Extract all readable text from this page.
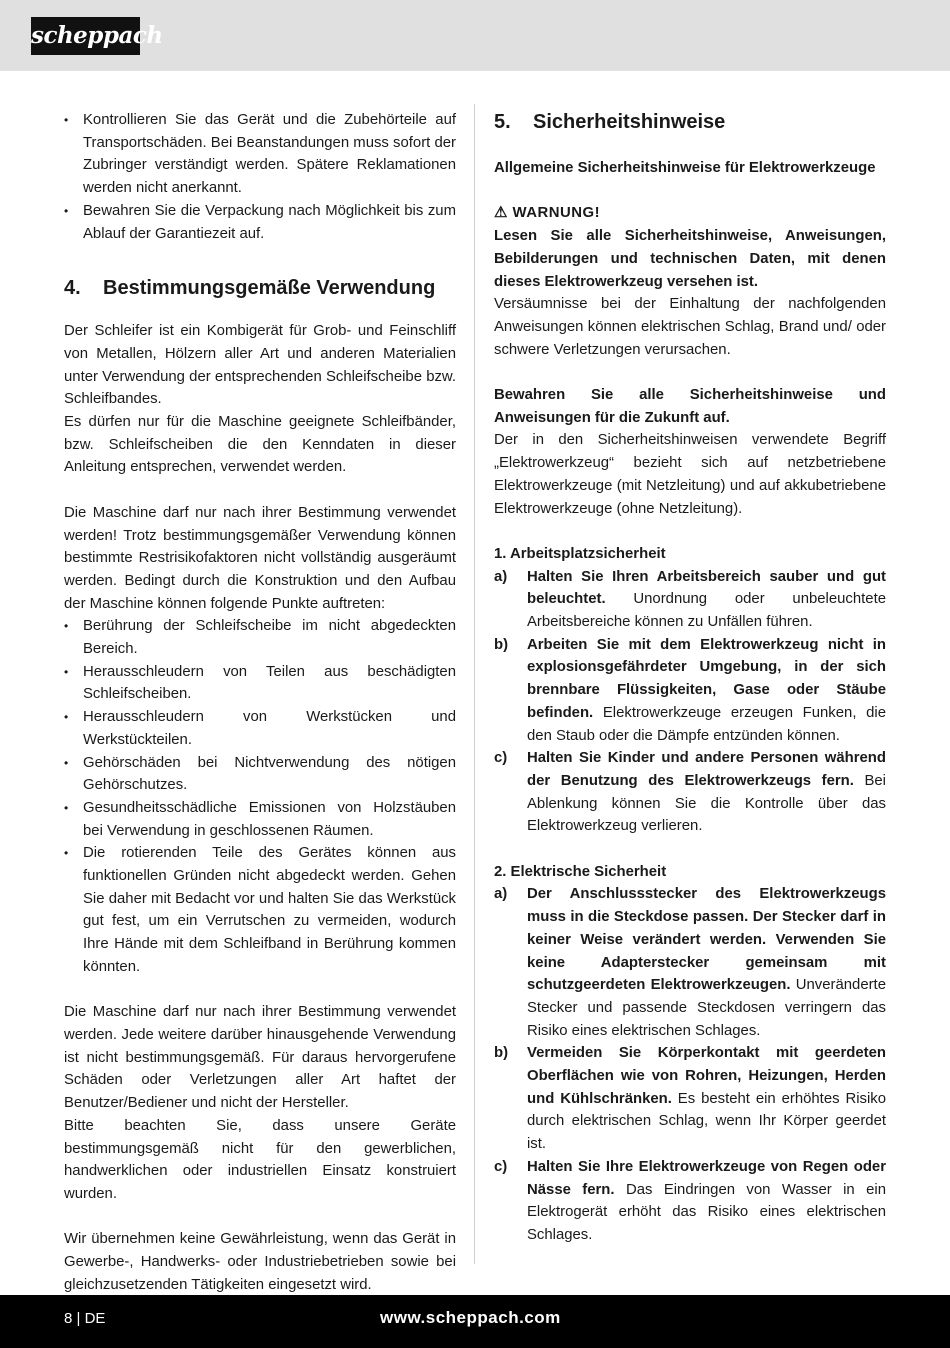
scheppach
• Kontrollieren Sie das Gerät und die Zubehörteile auf Transportschäden. Bei Beanstandungen muss sofort der Zubringer verständigt werden. Spätere Reklamationen werden nicht anerkannt.
• Bewahren Sie die Verpackung nach Möglichkeit bis zum Ablauf der Garantiezeit auf.
4.	Bestimmungsgemäße Verwendung

Der Schleifer ist ein Kombigerät für Grob- und Feinschliff von Metallen, Hölzern aller Art und anderen Materialien unter Verwendung der entsprechenden Schleifscheibe bzw. Schleifbandes.

Es dürfen nur für die Maschine geeignete Schleifbänder, bzw. Schleifscheiben die den Kenndaten in dieser Anleitung entsprechen, verwendet werden.

Die Maschine darf nur nach ihrer Bestimmung verwendet werden! Trotz bestimmungsgemäßer Verwendung können bestimmte Restrisikofaktoren nicht vollständig ausgeräumt werden. Bedingt durch die Konstruktion und den Aufbau der Maschine können folgende Punkte auftreten:

• Berührung der Schleifscheibe im nicht abgedeckten Bereich.
• Herausschleudern von Teilen aus beschädigten Schleifscheiben.
• Herausschleudern von Werkstücken und Werkstückteilen.
• Gehörschäden bei Nichtverwendung des nötigen Gehörschutzes.
• Gesundheitsschädliche Emissionen von Holzstäuben bei Verwendung in geschlossenen Räumen.
• Die rotierenden Teile des Gerätes können aus funktionellen Gründen nicht abgedeckt werden. Gehen Sie daher mit Bedacht vor und halten Sie das Werkstück gut fest, um ein Verrutschen zu vermeiden, wodurch Ihre Hände mit dem Schleifband in Berührung kommen könnten.

Die Maschine darf nur nach ihrer Bestimmung verwendet werden. Jede weitere darüber hinausgehende Verwendung ist nicht bestimmungsgemäß. Für daraus hervorgerufene Schäden oder Verletzungen aller Art haftet der Benutzer/Bediener und nicht der Hersteller.

Bitte beachten Sie, dass unsere Geräte bestimmungsgemäß nicht für den gewerblichen, handwerklichen oder industriellen Einsatz konstruiert wurden.

Wir übernehmen keine Gewährleistung, wenn das Gerät in Gewerbe-, Handwerks- oder Industriebetrieben sowie bei gleichzusetzenden Tätigkeiten eingesetzt wird.

5.	Sicherheitshinweise

Allgemeine Sicherheitshinweise für Elektrowerkzeuge

⚠ WARNUNG!

Lesen Sie alle Sicherheitshinweise, Anweisungen, Bebilderungen und technischen Daten, mit denen dieses Elektrowerkzeug versehen ist.

Versäumnisse bei der Einhaltung der nachfolgenden Anweisungen können elektrischen Schlag, Brand und/ oder schwere Verletzungen verursachen.

Bewahren Sie alle Sicherheitshinweise und Anweisungen für die Zukunft auf.

Der in den Sicherheitshinweisen verwendete Begriff „Elektrowerkzeug“ bezieht sich auf netzbetriebene Elektrowerkzeuge (mit Netzleitung) und auf akkubetriebene Elektrowerkzeuge (ohne Netzleitung).

1. Arbeitsplatzsicherheit

a) Halten Sie Ihren Arbeitsbereich sauber und gut beleuchtet. Unordnung oder unbeleuchtete Arbeitsbereiche können zu Unfällen führen.
b) Arbeiten Sie mit dem Elektrowerkzeug nicht in explosionsgefährdeter Umgebung, in der sich brennbare Flüssigkeiten, Gase oder Stäube befinden. Elektrowerkzeuge erzeugen Funken, die den Staub oder die Dämpfe entzünden können.
c) Halten Sie Kinder und andere Personen während der Benutzung des Elektrowerkzeugs fern. Bei Ablenkung können Sie die Kontrolle über das Elektrowerkzeug verlieren.

2. Elektrische Sicherheit

a) Der Anschlussstecker des Elektrowerkzeugs muss in die Steckdose passen. Der Stecker darf in keiner Weise verändert werden. Verwenden Sie keine Adapterstecker gemeinsam mit schutzgeerdeten Elektrowerkzeugen. Unveränderte Stecker und passende Steckdosen verringern das Risiko eines elektrischen Schlages.
b) Vermeiden Sie Körperkontakt mit geerdeten Oberflächen wie von Rohren, Heizungen, Herden und Kühlschränken. Es besteht ein erhöhtes Risiko durch elektrischen Schlag, wenn Ihr Körper geerdet ist.
c) Halten Sie Ihre Elektrowerkzeuge von Regen oder Nässe fern. Das Eindringen von Wasser in ein Elektrogerät erhöht das Risiko eines elektrischen Schlages.
8 | DE	www.scheppach.com
